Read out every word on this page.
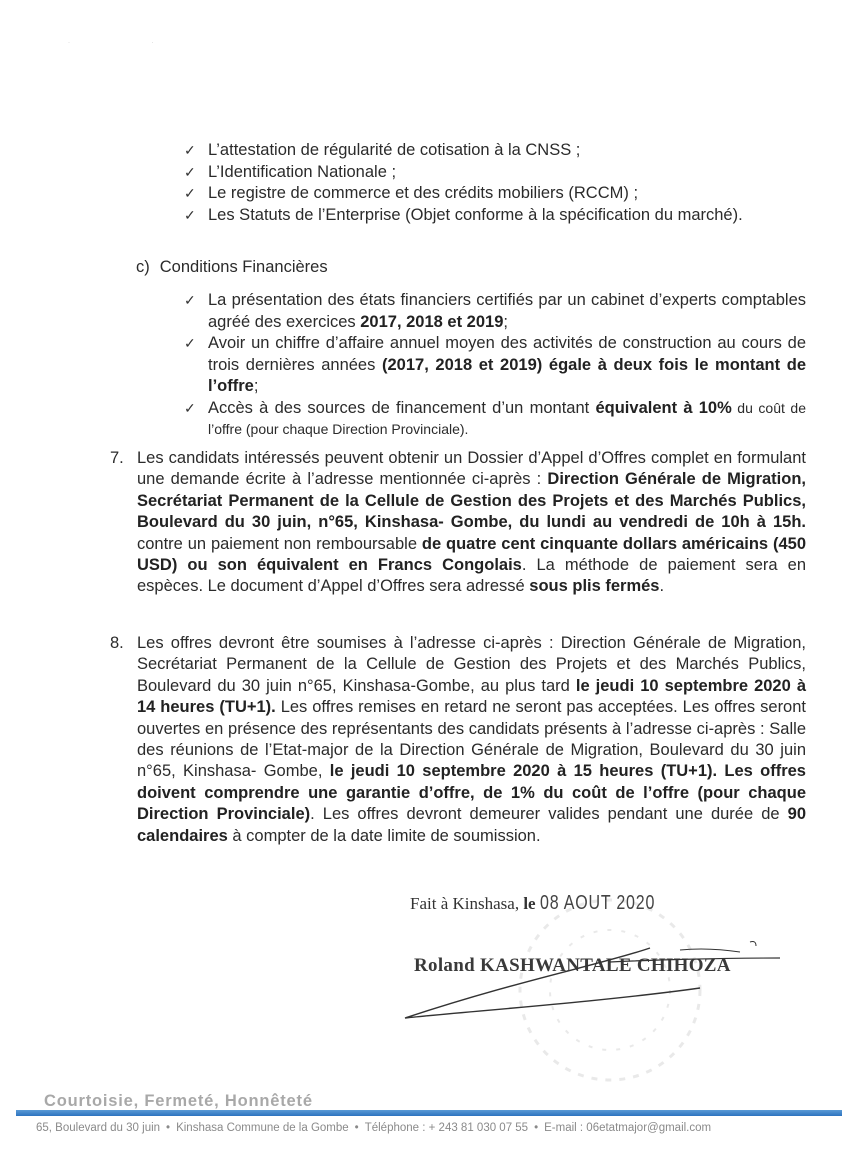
· ·
✓ L’attestation de régularité de cotisation à la CNSS ;
✓ L’Identification Nationale ;
✓ Le registre de commerce et des crédits mobiliers (RCCM) ;
✓ Les Statuts de l’Enterprise (Objet conforme à la spécification du marché).
c) Conditions Financières
✓ La présentation des états financiers certifiés par un cabinet d’experts comptables agréé des exercices 2017, 2018 et 2019;
✓ Avoir un chiffre d’affaire annuel moyen des activités de construction au cours de trois dernières années (2017, 2018 et 2019) égale à deux fois le montant de l’offre;
✓ Accès à des sources de financement d’un montant équivalent à 10% du coût de l’offre (pour chaque Direction Provinciale).
7. Les candidats intéressés peuvent obtenir un Dossier d’Appel d’Offres complet en formulant une demande écrite à l’adresse mentionnée ci-après : Direction Générale de Migration, Secrétariat Permanent de la Cellule de Gestion des Projets et des Marchés Publics, Boulevard du 30 juin, n°65, Kinshasa- Gombe, du lundi au vendredi de 10h à 15h. contre un paiement non remboursable de quatre cent cinquante dollars américains (450 USD) ou son équivalent en Francs Congolais. La méthode de paiement sera en espèces. Le document d’Appel d’Offres sera adressé sous plis fermés.
8. Les offres devront être soumises à l’adresse ci-après : Direction Générale de Migration, Secrétariat Permanent de la Cellule de Gestion des Projets et des Marchés Publics, Boulevard du 30 juin n°65, Kinshasa-Gombe, au plus tard le jeudi 10 septembre 2020 à 14 heures (TU+1). Les offres remises en retard ne seront pas acceptées. Les offres seront ouvertes en présence des représentants des candidats présents à l’adresse ci-après : Salle des réunions de l’Etat-major de la Direction Générale de Migration, Boulevard du 30 juin n°65, Kinshasa- Gombe, le jeudi 10 septembre 2020 à 15 heures (TU+1). Les offres doivent comprendre une garantie d’offre, de 1% du coût de l’offre (pour chaque Direction Provinciale). Les offres devront demeurer valides pendant une durée de 90 calendaires à compter de la date limite de soumission.
Fait à Kinshasa, le 08 AOUT 2020
Roland KASHWANTALE CHIHOZA
Courtoisie, Fermeté, Honnêteté
65, Boulevard du 30 juin • Kinshasa Commune de la Gombe • Téléphone : + 243 81 030 07 55 • E-mail : 06etatmajor@gmail.com
